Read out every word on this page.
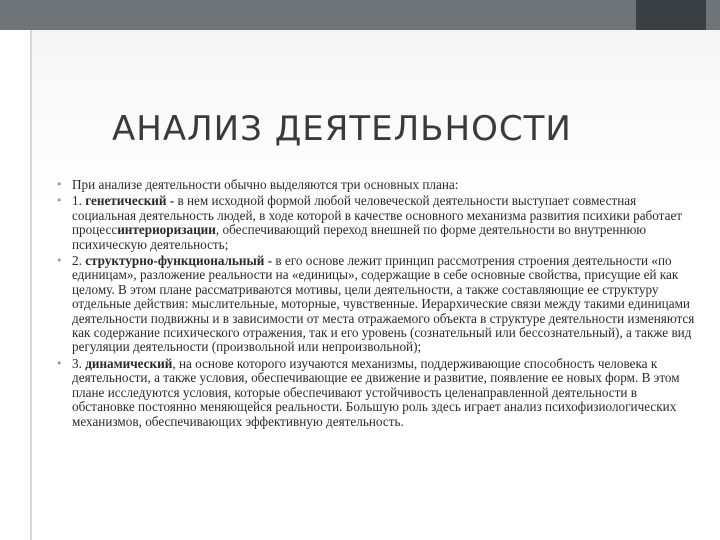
АНАЛИЗ ДЕЯТЕЛЬНОСТИ
• При анализе деятельности обычно выделяются три основных плана:
• 1. генетический - в нем исходной формой любой человеческой деятельности выступает совместная социальная деятельность людей, в ходе которой в качестве основного механизма развития психики работает процессинтериоризации, обеспечивающий переход внешней по форме деятельности во внутреннюю психическую деятельность;
• 2. структурно-функциональный - в его основе лежит принцип рассмотрения строения деятельности «по единицам», разложение реальности на «единицы», содержащие в себе основные свойства, присущие ей как целому. В этом плане рассматриваются мотивы, цели деятельности, а также составляющие ее структуру отдельные действия: мыслительные, моторные, чувственные. Иерархические связи между такими единицами деятельности подвижны и в зависимости от места отражаемого объекта в структуре деятельности изменяются как содержание психического отражения, так и его уровень (сознательный или бессознательный), а также вид регуляции деятельности (произвольной или непроизвольной);
• 3. динамический, на основе которого изучаются механизмы, поддерживающие способность человека к деятельности, а также условия, обеспечивающие ее движение и развитие, появление ее новых форм. В этом плане исследуются условия, которые обеспечивают устойчивость целенаправленной деятельности в обстановке постоянно меняющейся реальности. Большую роль здесь играет анализ психофизиологических механизмов, обеспечивающих эффективную деятельность.
